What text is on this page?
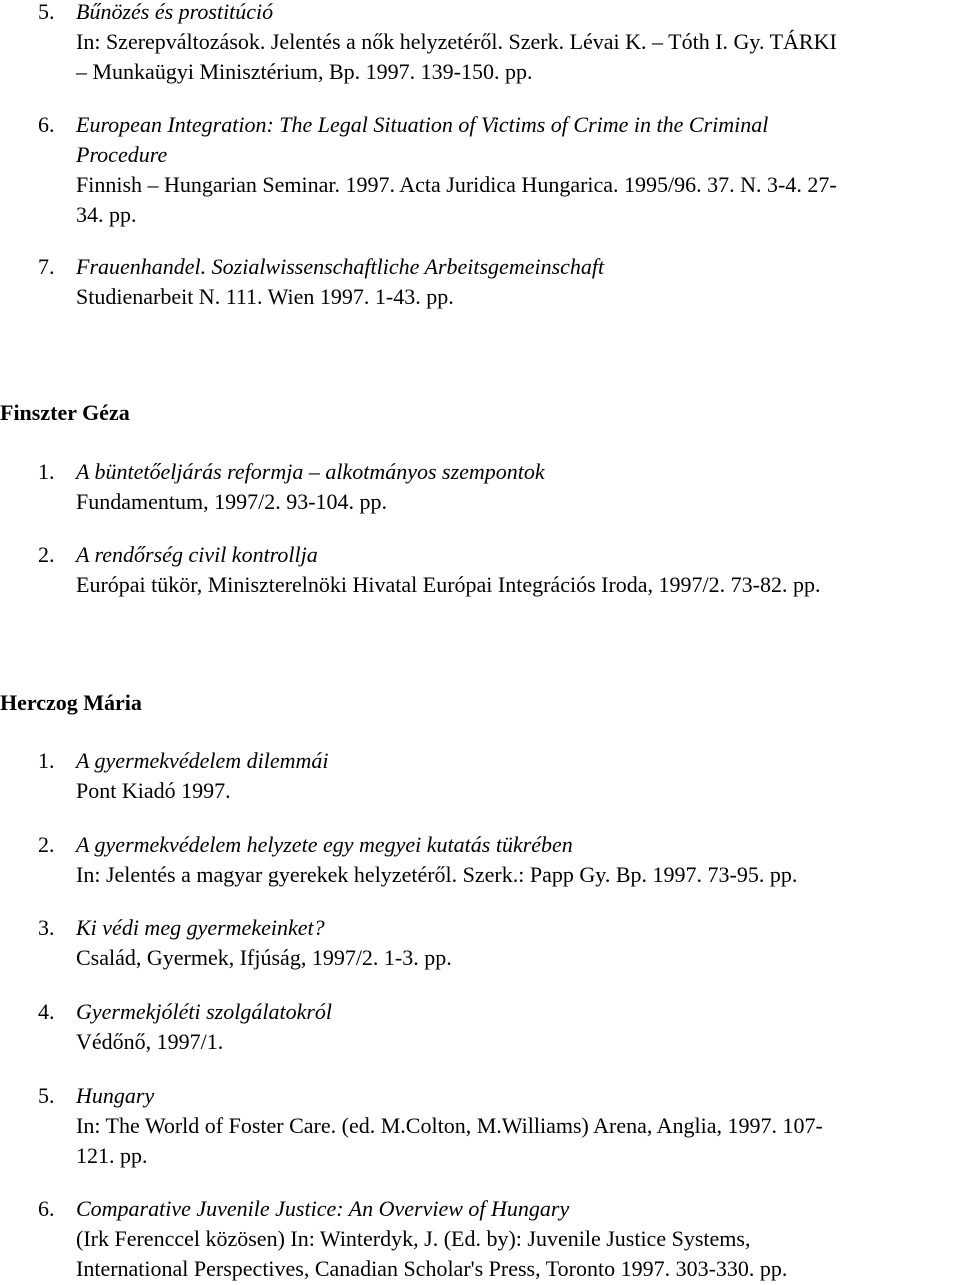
5. Bűnözés és prostitúció
In: Szerepváltozások. Jelentés a nők helyzetéről. Szerk. Lévai K. – Tóth I. Gy. TÁRKI
– Munkaügyi Minisztérium, Bp. 1997. 139-150. pp.
6. European Integration: The Legal Situation of Victims of Crime in the Criminal
Procedure
Finnish – Hungarian Seminar. 1997. Acta Juridica Hungarica. 1995/96. 37. N. 3-4. 27-
34. pp.
7. Frauenhandel. Sozialwissenschaftliche Arbeitsgemeinschaft
Studienarbeit N. 111. Wien 1997. 1-43. pp.
Finszter Géza
1. A büntetőeljárás reformja – alkotmányos szempontok
Fundamentum, 1997/2. 93-104. pp.
2. A rendőrség civil kontrollja
Európai tükör, Miniszterelnöki Hivatal Európai Integrációs Iroda, 1997/2. 73-82. pp.
Herczog Mária
1. A gyermekvédelem dilemmái
Pont Kiadó 1997.
2. A gyermekvédelem helyzete egy megyei kutatás tükrében
In: Jelentés a magyar gyerekek helyzetéről. Szerk.: Papp Gy. Bp. 1997. 73-95. pp.
3. Ki védi meg gyermekeinket?
Család, Gyermek, Ifjúság, 1997/2. 1-3. pp.
4. Gyermekjóléti szolgálatokról
Védőnő, 1997/1.
5. Hungary
In: The World of Foster Care. (ed. M.Colton, M.Williams) Arena, Anglia, 1997. 107-
121. pp.
6. Comparative Juvenile Justice: An Overview of Hungary
(Irk Ferenccel közösen) In: Winterdyk, J. (Ed. by): Juvenile Justice Systems,
International Perspectives, Canadian Scholar's Press, Toronto 1997. 303-330. pp.
